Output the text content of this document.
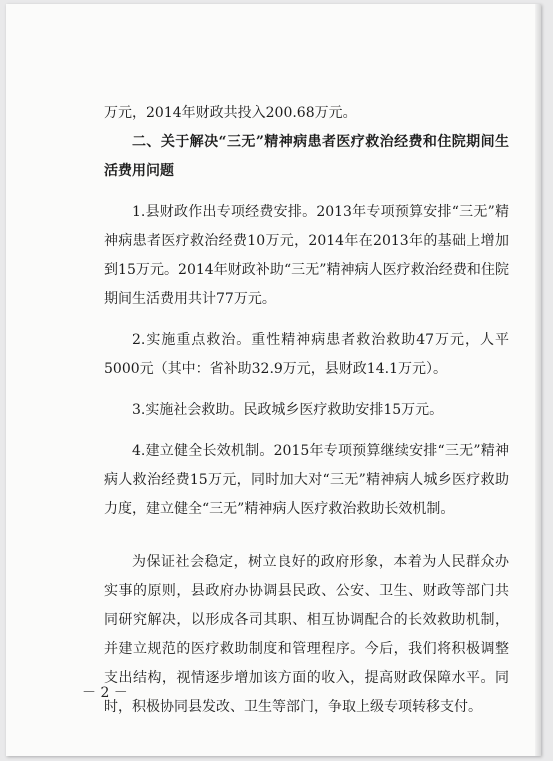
​

万元，2014年财政共投入200.68万元。

二、关于解决“三无”精神病患者医疗救治经费和住院期间生活费用问题

1.县财政作出专项经费安排。2013年专项预算安排“三无”精神病患者医疗救治经费10万元，2014年在2013年的基础上增加到15万元。2014年财政补助“三无”精神病人医疗救治经费和住院期间生活费用共计77万元。

2.实施重点救治。重性精神病患者救治救助47万元，人平5000元（其中：省补助32.9万元，县财政14.1万元）。

3.实施社会救助。民政城乡医疗救助安排15万元。

4.建立健全长效机制。2015年专项预算继续安排“三无”精神病人救治经费15万元，同时加大对“三无”精神病人城乡医疗救助力度，建立健全“三无”精神病人医疗救治救助长效机制。

为保证社会稳定，树立良好的政府形象，本着为人民群众办实事的原则，县政府办协调县民政、公安、卫生、财政等部门共同研究解决，以形成各司其职、相互协调配合的长效救助机制，并建立规范的医疗救助制度和管理程序。今后，我们将积极调整支出结构，视情逐步增加该方面的收入，提高财政保障水平。同时，积极协同县发改、卫生等部门，争取上级专项转移支付。

－ 2 －
